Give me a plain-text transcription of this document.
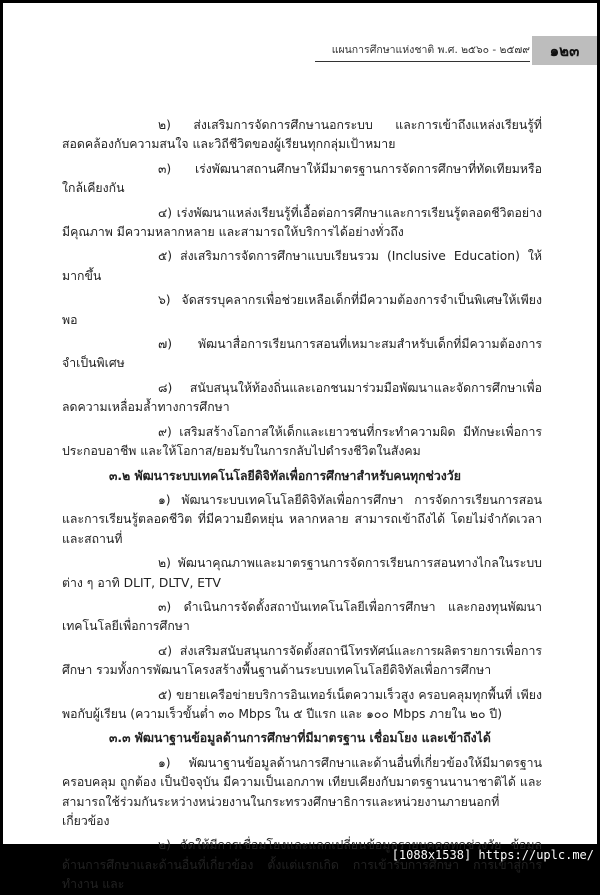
แผนการศึกษาแห่งชาติ พ.ศ. ๒๕๖๐ - ๒๕๗๙	๑๒๓
๒) ส่งเสริมการจัดการศึกษานอกระบบ และการเข้าถึงแหล่งเรียนรู้ที่สอดคล้องกับความสนใจ และวิถีชีวิตของผู้เรียนทุกกลุ่มเป้าหมาย
๓) เร่งพัฒนาสถานศึกษาให้มีมาตรฐานการจัดการศึกษาที่ทัดเทียมหรือใกล้เคียงกัน
๔) เร่งพัฒนาแหล่งเรียนรู้ที่เอื้อต่อการศึกษาและการเรียนรู้ตลอดชีวิตอย่างมีคุณภาพ มีความหลากหลาย และสามารถให้บริการได้อย่างทั่วถึง
๕) ส่งเสริมการจัดการศึกษาแบบเรียนรวม (Inclusive Education) ให้มากขึ้น
๖) จัดสรรบุคลากรเพื่อช่วยเหลือเด็กที่มีความต้องการจำเป็นพิเศษให้เพียงพอ
๗) พัฒนาสื่อการเรียนการสอนที่เหมาะสมสำหรับเด็กที่มีความต้องการจำเป็นพิเศษ
๘) สนับสนุนให้ท้องถิ่นและเอกชนมาร่วมมือพัฒนาและจัดการศึกษาเพื่อลดความเหลื่อมล้ำทางการศึกษา
๙) เสริมสร้างโอกาสให้เด็กและเยาวชนที่กระทำความผิด มีทักษะเพื่อการประกอบอาชีพ และให้โอกาส/ยอมรับในการกลับไปดำรงชีวิตในสังคม
๓.๒ พัฒนาระบบเทคโนโลยีดิจิทัลเพื่อการศึกษาสำหรับคนทุกช่วงวัย
๑) พัฒนาระบบเทคโนโลยีดิจิทัลเพื่อการศึกษา การจัดการเรียนการสอน และการเรียนรู้ตลอดชีวิต ที่มีความยืดหยุ่น หลากหลาย สามารถเข้าถึงได้ โดยไม่จำกัดเวลาและสถานที่
๒) พัฒนาคุณภาพและมาตรฐานการจัดการเรียนการสอนทางไกลในระบบต่าง ๆ อาทิ DLIT, DLTV, ETV
๓) ดำเนินการจัดตั้งสถาบันเทคโนโลยีเพื่อการศึกษา และกองทุนพัฒนาเทคโนโลยีเพื่อการศึกษา
๔) ส่งเสริมสนับสนุนการจัดตั้งสถานีโทรทัศน์และการผลิตรายการเพื่อการศึกษา รวมทั้งการพัฒนาโครงสร้างพื้นฐานด้านระบบเทคโนโลยีดิจิทัลเพื่อการศึกษา
๕) ขยายเครือข่ายบริการอินเทอร์เน็ตความเร็วสูง ครอบคลุมทุกพื้นที่ เพียงพอกับผู้เรียน (ความเร็วขั้นต่ำ ๓๐ Mbps ใน ๕ ปีแรก และ ๑๐๐ Mbps ภายใน ๒๐ ปี)
๓.๓ พัฒนาฐานข้อมูลด้านการศึกษาที่มีมาตรฐาน เชื่อมโยง และเข้าถึงได้
๑) พัฒนาฐานข้อมูลด้านการศึกษาและด้านอื่นที่เกี่ยวข้องให้มีมาตรฐานครอบคลุม ถูกต้อง เป็นปัจจุบัน มีความเป็นเอกภาพ เทียบเคียงกับมาตรฐานนานาชาติได้ และสามารถใช้ร่วมกันระหว่างหน่วยงานในกระทรวงศึกษาธิการและหน่วยงานภายนอกที่เกี่ยวข้อง
๒) จัดให้มีการเชื่อมโยงและแลกเปลี่ยนข้อมูลรายบุคคลทุกช่วงวัย ข้อมูลด้านการศึกษาและด้านอื่นที่เกี่ยวข้อง ตั้งแต่แรกเกิด การเข้ารับการศึกษา การเข้าสู่การทำงาน และ
[1088x1538] https://uplc.me/
